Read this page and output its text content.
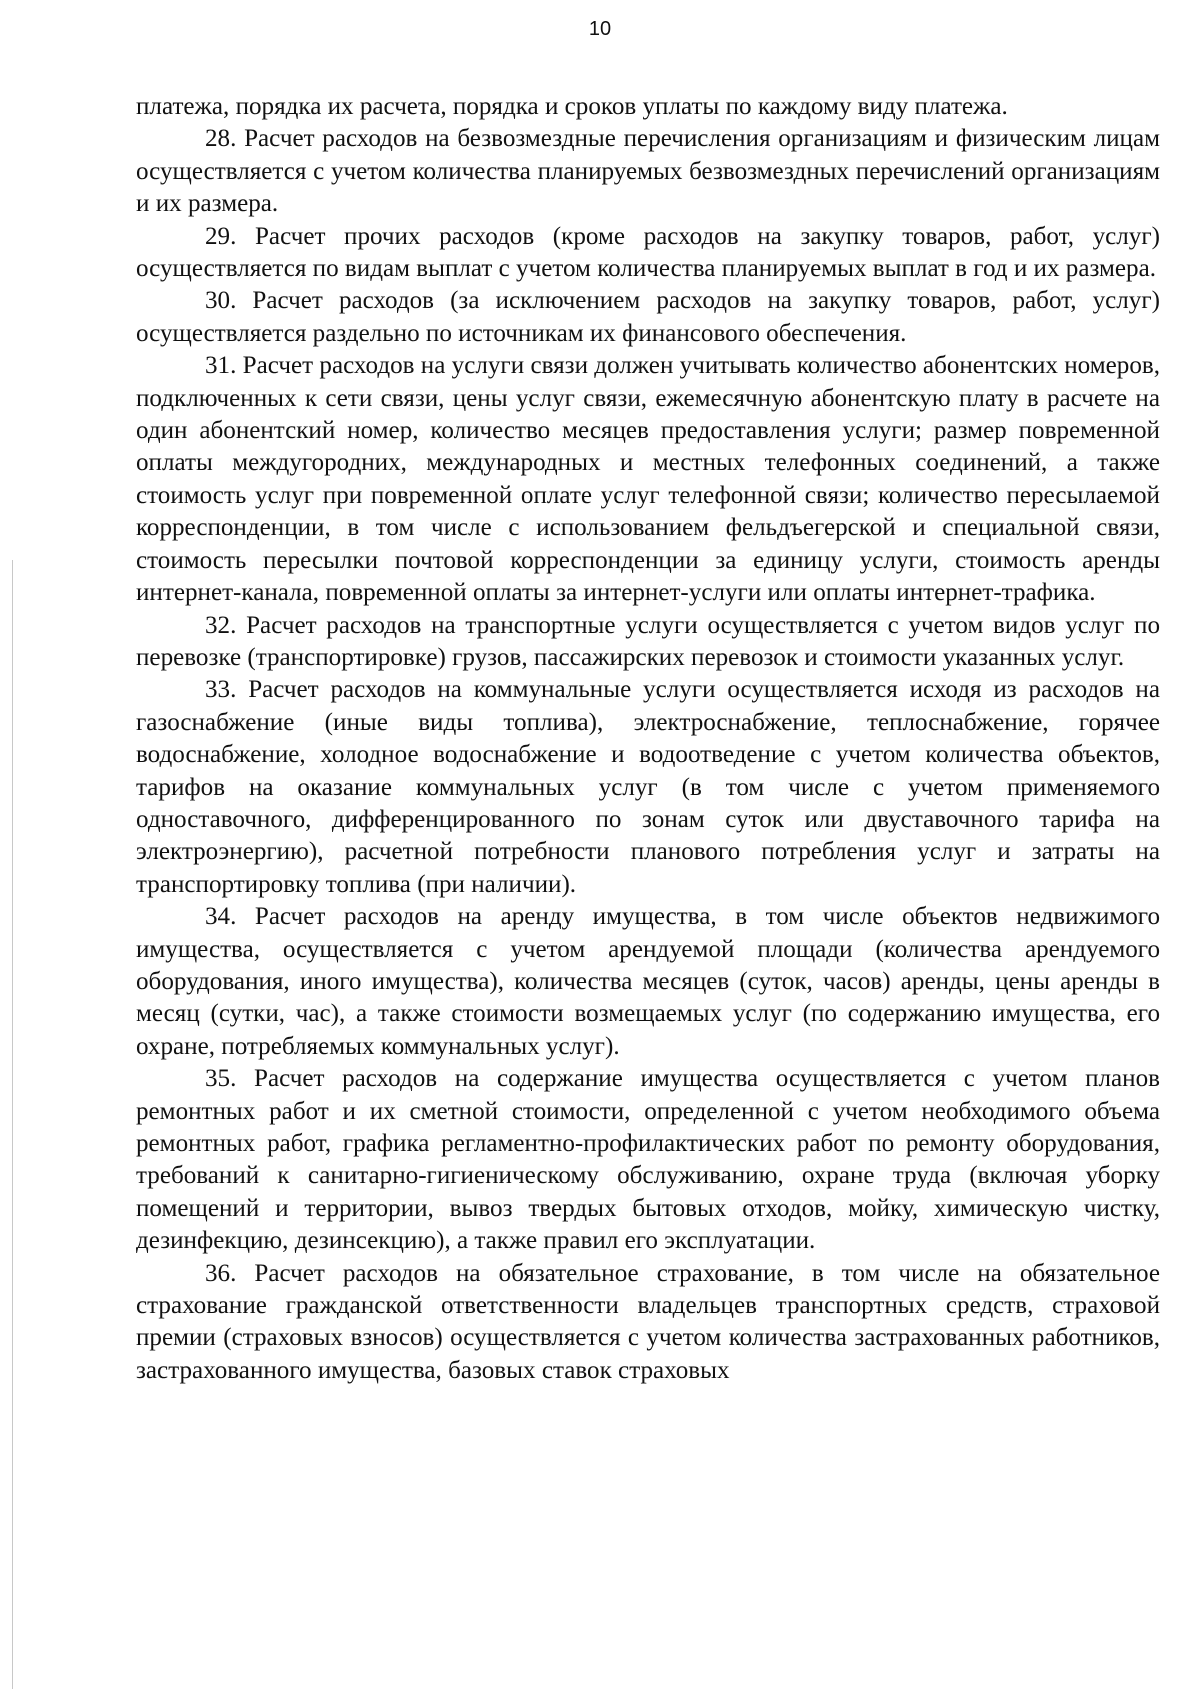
10

платежа, порядка их расчета, порядка и сроков уплаты по каждому виду платежа.

28. Расчет расходов на безвозмездные перечисления организациям и физическим лицам осуществляется с учетом количества планируемых безвозмездных перечислений организациям и их размера.

29. Расчет прочих расходов (кроме расходов на закупку товаров, работ, услуг) осуществляется по видам выплат с учетом количества планируемых выплат в год и их размера.

30. Расчет расходов (за исключением расходов на закупку товаров, работ, услуг) осуществляется раздельно по источникам их финансового обеспечения.

31. Расчет расходов на услуги связи должен учитывать количество абонентских номеров, подключенных к сети связи, цены услуг связи, ежемесячную абонентскую плату в расчете на один абонентский номер, количество месяцев предоставления услуги; размер повременной оплаты междугородних, международных и местных телефонных соединений, а также стоимость услуг при повременной оплате услуг телефонной связи; количество пересылаемой корреспонденции, в том числе с использованием фельдъегерской и специальной связи, стоимость пересылки почтовой корреспонденции за единицу услуги, стоимость аренды интернет-канала, повременной оплаты за интернет-услуги или оплаты интернет-трафика.

32. Расчет расходов на транспортные услуги осуществляется с учетом видов услуг по перевозке (транспортировке) грузов, пассажирских перевозок и стоимости указанных услуг.

33. Расчет расходов на коммунальные услуги осуществляется исходя из расходов на газоснабжение (иные виды топлива), электроснабжение, теплоснабжение, горячее водоснабжение, холодное водоснабжение и водоотведение с учетом количества объектов, тарифов на оказание коммунальных услуг (в том числе с учетом применяемого одноставочного, дифференцированного по зонам суток или двуставочного тарифа на электроэнергию), расчетной потребности планового потребления услуг и затраты на транспортировку топлива (при наличии).

34. Расчет расходов на аренду имущества, в том числе объектов недвижимого имущества, осуществляется с учетом арендуемой площади (количества арендуемого оборудования, иного имущества), количества месяцев (суток, часов) аренды, цены аренды в месяц (сутки, час), а также стоимости возмещаемых услуг (по содержанию имущества, его охране, потребляемых коммунальных услуг).

35. Расчет расходов на содержание имущества осуществляется с учетом планов ремонтных работ и их сметной стоимости, определенной с учетом необходимого объема ремонтных работ, графика регламентно-профилактических работ по ремонту оборудования, требований к санитарно-гигиеническому обслуживанию, охране труда (включая уборку помещений и территории, вывоз твердых бытовых отходов, мойку, химическую чистку, дезинфекцию, дезинсекцию), а также правил его эксплуатации.

36. Расчет расходов на обязательное страхование, в том числе на обязательное страхование гражданской ответственности владельцев транспортных средств, страховой премии (страховых взносов) осуществляется с учетом количества застрахованных работников, застрахованного имущества, базовых ставок страховых
